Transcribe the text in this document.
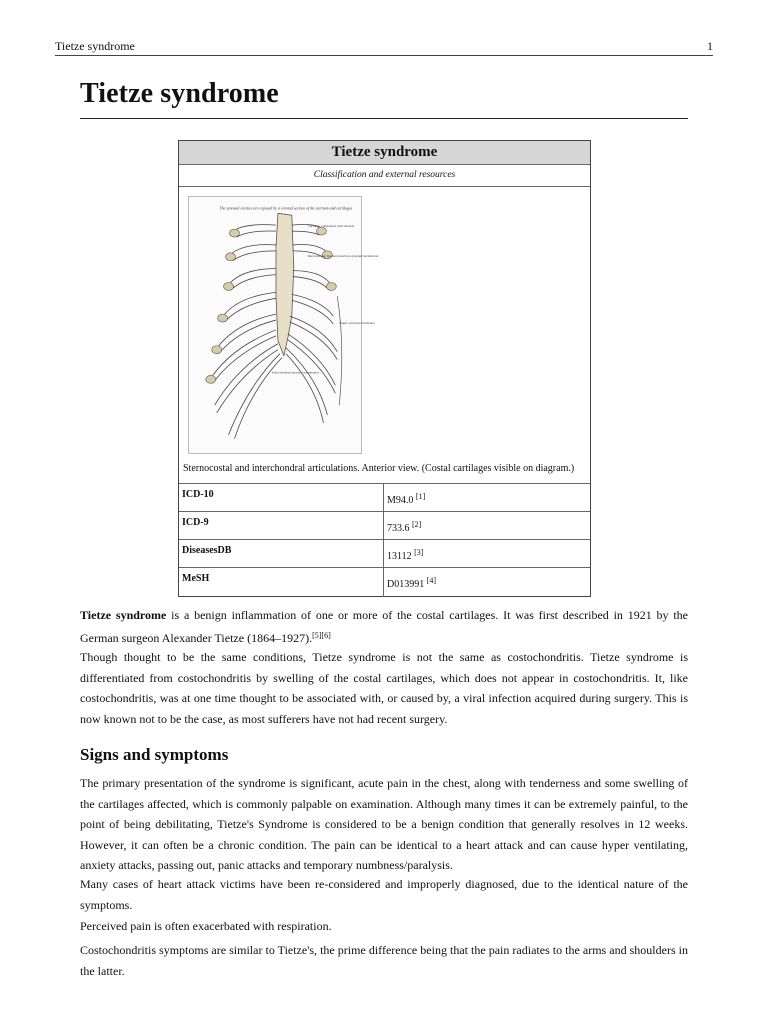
Tietze syndrome	1
Tietze syndrome
Tietze syndrome
Classification and external resources
The synovial cavities are exposed by a coronal section of the sternum and cartilages
Cartilage continuous with sternum
Interarticular ligament and two synovial membranes
Single synovial membrane
Interchondral synovial membranes
Sternocostal and interchondral articulations. Anterior view. (Costal cartilages visible on diagram.)
ICD-10
M94.0 [1]
ICD-9
733.6 [2]
DiseasesDB
13112 [3]
MeSH
D013991 [4]

Tietze syndrome is a benign inflammation of one or more of the costal cartilages. It was first described in 1921 by the German surgeon Alexander Tietze (1864–1927).[5][6]

Though thought to be the same conditions, Tietze syndrome is not the same as costochondritis. Tietze syndrome is differentiated from costochondritis by swelling of the costal cartilages, which does not appear in costochondritis. It, like costochondritis, was at one time thought to be associated with, or caused by, a viral infection acquired during surgery. This is now known not to be the case, as most sufferers have not had recent surgery.

Signs and symptoms

The primary presentation of the syndrome is significant, acute pain in the chest, along with tenderness and some swelling of the cartilages affected, which is commonly palpable on examination. Although many times it can be extremely painful, to the point of being debilitating, Tietze's Syndrome is considered to be a benign condition that generally resolves in 12 weeks. However, it can often be a chronic condition. The pain can be identical to a heart attack and can cause hyper ventilating, anxiety attacks, passing out, panic attacks and temporary numbness/paralysis.

Many cases of heart attack victims have been re-considered and improperly diagnosed, due to the identical nature of the symptoms.

Perceived pain is often exacerbated with respiration.

Costochondritis symptoms are similar to Tietze's, the prime difference being that the pain radiates to the arms and shoulders in the latter.
